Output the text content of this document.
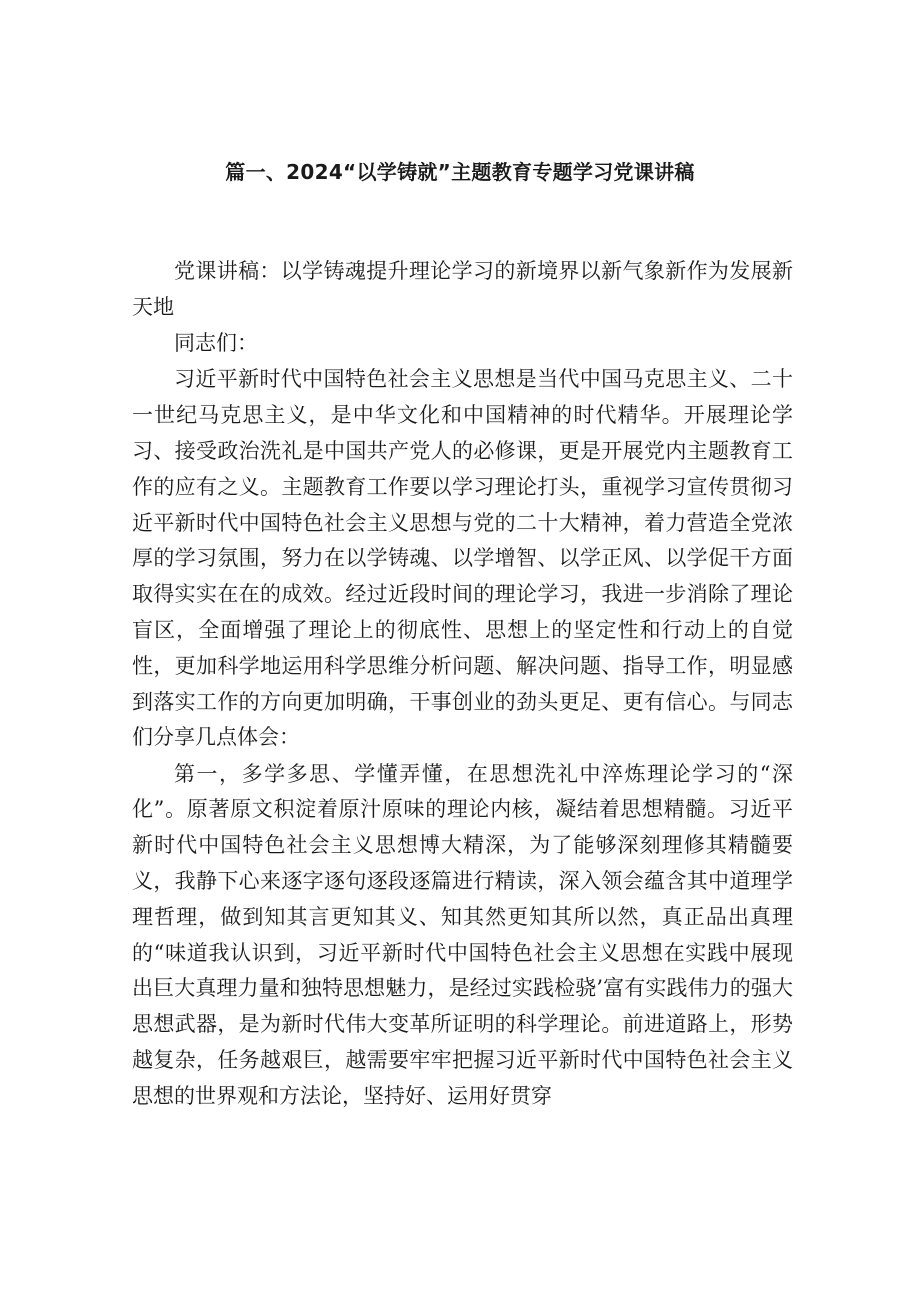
篇一、2024“以学铸就”主题教育专题学习党课讲稿

党课讲稿：以学铸魂提升理论学习的新境界以新气象新作为发展新天地

同志们：

习近平新时代中国特色社会主义思想是当代中国马克思主义、二十一世纪马克思主义，是中华文化和中国精神的时代精华。开展理论学习、接受政治洗礼是中国共产党人的必修课，更是开展党内主题教育工作的应有之义。主题教育工作要以学习理论打头，重视学习宣传贯彻习近平新时代中国特色社会主义思想与党的二十大精神，着力营造全党浓厚的学习氛围，努力在以学铸魂、以学增智、以学正风、以学促干方面取得实实在在的成效。经过近段时间的理论学习，我进一步消除了理论盲区，全面增强了理论上的彻底性、思想上的坚定性和行动上的自觉性，更加科学地运用科学思维分析问题、解决问题、指导工作，明显感到落实工作的方向更加明确，干事创业的劲头更足、更有信心。与同志们分享几点体会：

第一，多学多思、学懂弄懂，在思想洗礼中淬炼理论学习的“深化”。原著原文积淀着原汁原味的理论内核，凝结着思想精髓。习近平新时代中国特色社会主义思想博大精深，为了能够深刻理修其精髓要义，我静下心来逐字逐句逐段逐篇进行精读，深入领会蕴含其中道理学理哲理，做到知其言更知其义、知其然更知其所以然，真正品出真理的“味道我认识到，习近平新时代中国特色社会主义思想在实践中展现出巨大真理力量和独特思想魅力，是经过实践检骁’富有实践伟力的强大思想武器，是为新时代伟大变革所证明的科学理论。前进道路上，形势越复杂，任务越艰巨，越需要牢牢把握习近平新时代中国特色社会主义思想的世界观和方法论，坚持好、运用好贯穿
